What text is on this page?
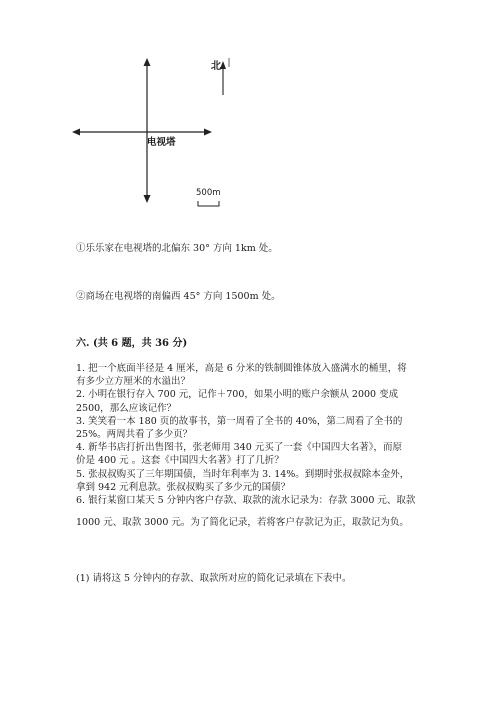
北
电视塔
500m
①乐乐家在电视塔的北偏东 30° 方向 1km 处。
②商场在电视塔的南偏西 45° 方向 1500m 处。
六. (共 6 题，共 36 分)
1. 把一个底面半径是 4 厘米，高是 6 分米的铁制圆锥体放入盛满水的桶里，将
有多少立方厘米的水溢出？
2. 小明在银行存入 700 元，记作＋700，如果小明的账户余额从 2000 变成
2500，那么应该记作？
3. 笑笑看一本 180 页的故事书，第一周看了全书的 40%，第二周看了全书的
25%。两周共看了多少页？
4. 新华书店打折出售图书，张老师用 340 元买了一套《中国四大名著》，而原
价是 400 元 。这套《中国四大名著》打了几折？
5. 张叔叔购买了三年期国债，当时年利率为 3. 14%。到期时张叔叔除本金外，
拿到 942 元利息款。张叔叔购买了多少元的国债？
6. 银行某窗口某天 5 分钟内客户存款、取款的流水记录为：存款 3000 元、取款
1000 元、取款 3000 元。为了简化记录，若将客户存款记为正，取款记为负。
(1) 请将这 5 分钟内的存款、取款所对应的简化记录填在下表中。
